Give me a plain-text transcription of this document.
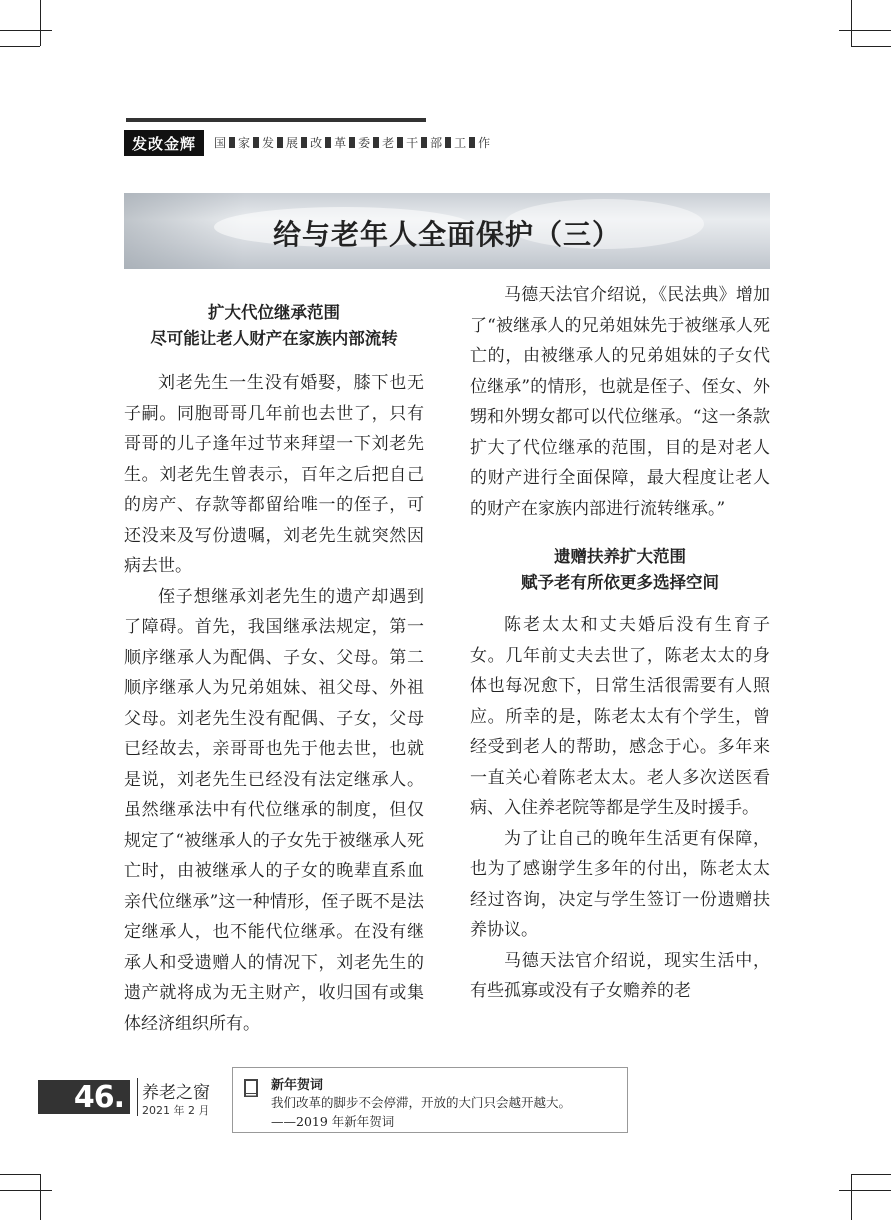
发改金辉	国 家 发 展 改 革 委 老 干 部 工 作
给与老年人全面保护（三）
扩大代位继承范围
尽可能让老人财产在家族内部流转

刘老先生一生没有婚娶，膝下也无子嗣。同胞哥哥几年前也去世了，只有哥哥的儿子逢年过节来拜望一下刘老先生。刘老先生曾表示，百年之后把自己的房产、存款等都留给唯一的侄子，可还没来及写份遗嘱，刘老先生就突然因病去世。

侄子想继承刘老先生的遗产却遇到了障碍。首先，我国继承法规定，第一顺序继承人为配偶、子女、父母。第二顺序继承人为兄弟姐妹、祖父母、外祖父母。刘老先生没有配偶、子女，父母已经故去，亲哥哥也先于他去世，也就是说，刘老先生已经没有法定继承人。虽然继承法中有代位继承的制度，但仅规定了“被继承人的子女先于被继承人死亡时，由被继承人的子女的晚辈直系血亲代位继承”这一种情形，侄子既不是法定继承人，也不能代位继承。在没有继承人和受遗赠人的情况下，刘老先生的遗产就将成为无主财产，收归国有或集体经济组织所有。

马德天法官介绍说，《民法典》增加了“被继承人的兄弟姐妹先于被继承人死亡的，由被继承人的兄弟姐妹的子女代位继承”的情形，也就是侄子、侄女、外甥和外甥女都可以代位继承。“这一条款扩大了代位继承的范围，目的是对老人的财产进行全面保障，最大程度让老人的财产在家族内部进行流转继承。”

遗赠扶养扩大范围
赋予老有所依更多选择空间

陈老太太和丈夫婚后没有生育子女。几年前丈夫去世了，陈老太太的身体也每况愈下，日常生活很需要有人照应。所幸的是，陈老太太有个学生，曾经受到老人的帮助，感念于心。多年来一直关心着陈老太太。老人多次送医看病、入住养老院等都是学生及时援手。

为了让自己的晚年生活更有保障，也为了感谢学生多年的付出，陈老太太经过咨询，决定与学生签订一份遗赠扶养协议。

马德天法官介绍说，现实生活中，有些孤寡或没有子女赡养的老

46.	养老之窗
2021 年 2 月
新年贺词
我们改革的脚步不会停滞，开放的大门只会越开越大。
——2019 年新年贺词
